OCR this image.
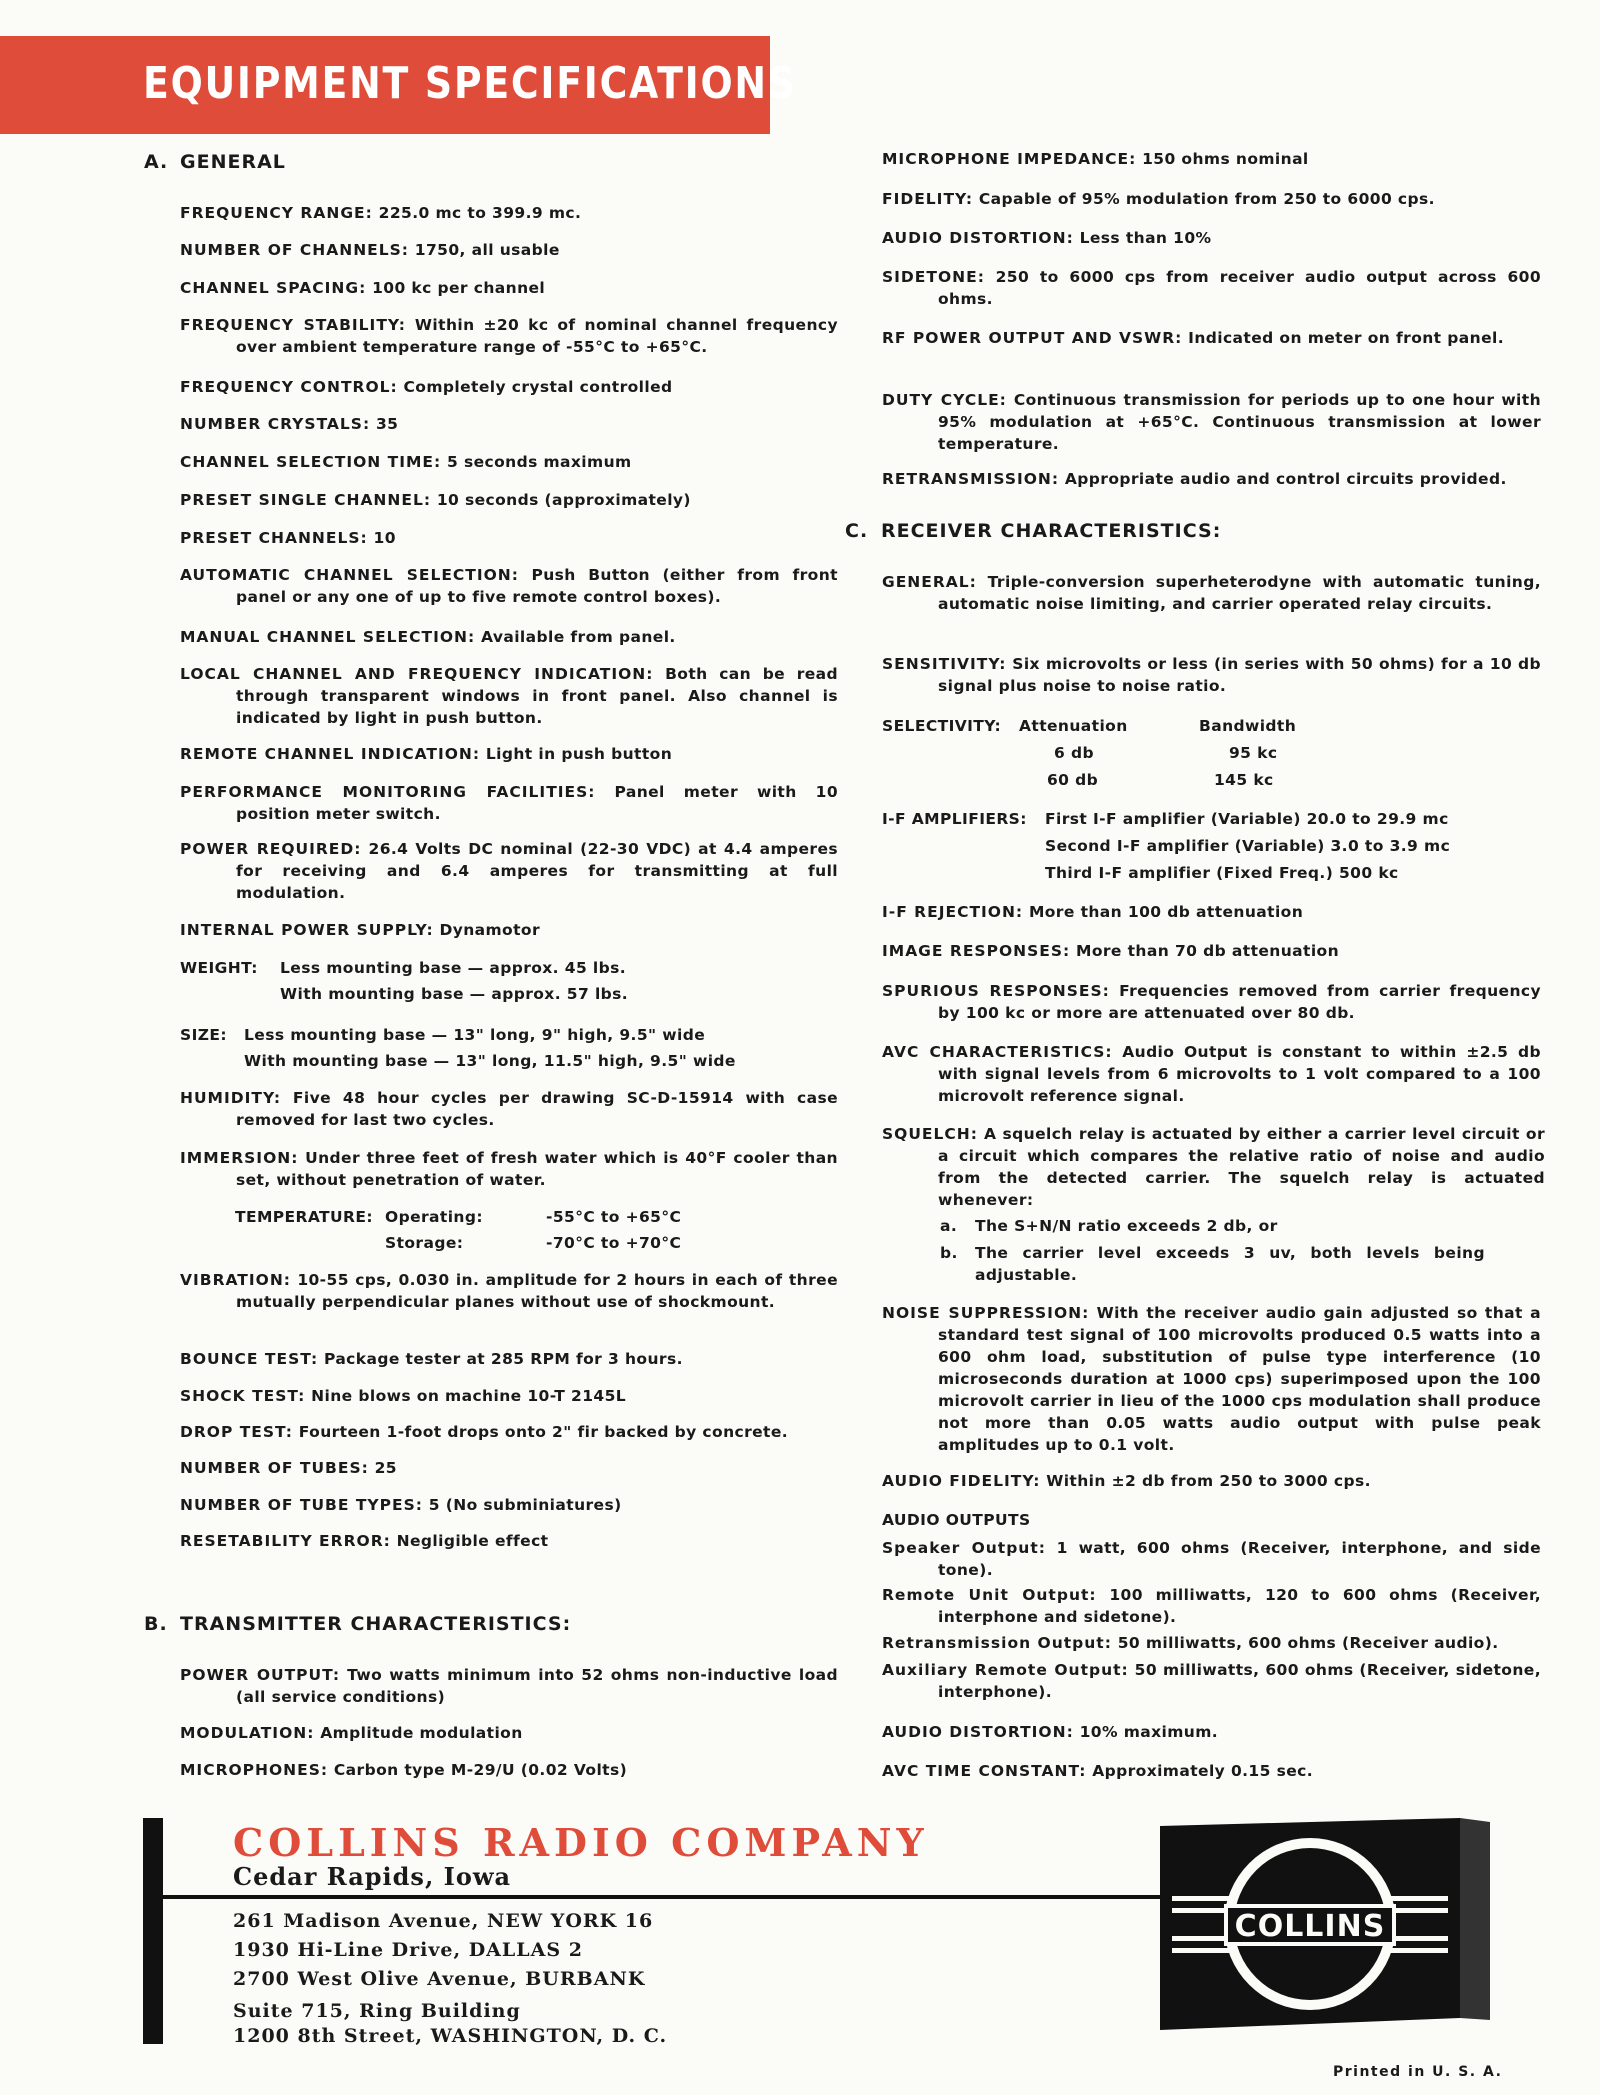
EQUIPMENT SPECIFICATIONS
A. GENERAL
FREQUENCY RANGE: 225.0 mc to 399.9 mc.
NUMBER OF CHANNELS: 1750, all usable
CHANNEL SPACING: 100 kc per channel
FREQUENCY STABILITY: Within ±20 kc of nominal channel frequency over ambient temperature range of -55°C to +65°C.
FREQUENCY CONTROL: Completely crystal controlled
NUMBER CRYSTALS: 35
CHANNEL SELECTION TIME: 5 seconds maximum
PRESET SINGLE CHANNEL: 10 seconds (approximately)
PRESET CHANNELS: 10
AUTOMATIC CHANNEL SELECTION: Push Button (either from front panel or any one of up to five remote control boxes).
MANUAL CHANNEL SELECTION: Available from panel.
LOCAL CHANNEL AND FREQUENCY INDICATION: Both can be read through transparent windows in front panel. Also channel is indicated by light in push button.
REMOTE CHANNEL INDICATION: Light in push button
PERFORMANCE MONITORING FACILITIES: Panel meter with 10 position meter switch.
POWER REQUIRED: 26.4 Volts DC nominal (22-30 VDC) at 4.4 amperes for receiving and 6.4 amperes for transmitting at full modulation.
INTERNAL POWER SUPPLY: Dynamotor
WEIGHT: Less mounting base — approx. 45 lbs.
With mounting base — approx. 57 lbs.
SIZE: Less mounting base — 13" long, 9" high, 9.5" wide
With mounting base — 13" long, 11.5" high, 9.5" wide
HUMIDITY: Five 48 hour cycles per drawing SC-D-15914 with case removed for last two cycles.
IMMERSION: Under three feet of fresh water which is 40°F cooler than set, without penetration of water.
TEMPERATURE: Operating:	-55°C to +65°C
Storage:	-70°C to +70°C
VIBRATION: 10-55 cps, 0.030 in. amplitude for 2 hours in each of three mutually perpendicular planes without use of shockmount.
BOUNCE TEST: Package tester at 285 RPM for 3 hours.
SHOCK TEST: Nine blows on machine 10-T 2145L
DROP TEST: Fourteen 1-foot drops onto 2" fir backed by concrete.
NUMBER OF TUBES: 25
NUMBER OF TUBE TYPES: 5 (No subminiatures)
RESETABILITY ERROR: Negligible effect
B. TRANSMITTER CHARACTERISTICS:
POWER OUTPUT: Two watts minimum into 52 ohms non-inductive load (all service conditions)
MODULATION: Amplitude modulation
MICROPHONES: Carbon type M-29/U (0.02 Volts)
MICROPHONE IMPEDANCE: 150 ohms nominal
FIDELITY: Capable of 95% modulation from 250 to 6000 cps.
AUDIO DISTORTION: Less than 10%
SIDETONE: 250 to 6000 cps from receiver audio output across 600 ohms.
RF POWER OUTPUT AND VSWR: Indicated on meter on front panel.
DUTY CYCLE: Continuous transmission for periods up to one hour with 95% modulation at +65°C. Continuous transmission at lower temperature.
RETRANSMISSION: Appropriate audio and control circuits provided.
C. RECEIVER CHARACTERISTICS:
GENERAL: Triple-conversion superheterodyne with automatic tuning, automatic noise limiting, and carrier operated relay circuits.
SENSITIVITY: Six microvolts or less (in series with 50 ohms) for a 10 db signal plus noise to noise ratio.
SELECTIVITY: Attenuation	Bandwidth
6 db	95 kc
60 db	145 kc
I-F AMPLIFIERS: First I-F amplifier (Variable) 20.0 to 29.9 mc
Second I-F amplifier (Variable) 3.0 to 3.9 mc
Third I-F amplifier (Fixed Freq.) 500 kc
I-F REJECTION: More than 100 db attenuation
IMAGE RESPONSES: More than 70 db attenuation
SPURIOUS RESPONSES: Frequencies removed from carrier frequency by 100 kc or more are attenuated over 80 db.
AVC CHARACTERISTICS: Audio Output is constant to within ±2.5 db with signal levels from 6 microvolts to 1 volt compared to a 100 microvolt reference signal.
SQUELCH: A squelch relay is actuated by either a carrier level circuit or a circuit which compares the relative ratio of noise and audio from the detected carrier. The squelch relay is actuated whenever:
a. The S+N/N ratio exceeds 2 db, or
b. The carrier level exceeds 3 uv, both levels being adjustable.
NOISE SUPPRESSION: With the receiver audio gain adjusted so that a standard test signal of 100 microvolts produced 0.5 watts into a 600 ohm load, substitution of pulse type interference (10 microseconds duration at 1000 cps) superimposed upon the 100 microvolt carrier in lieu of the 1000 cps modulation shall produce not more than 0.05 watts audio output with pulse peak amplitudes up to 0.1 volt.
AUDIO FIDELITY: Within ±2 db from 250 to 3000 cps.
AUDIO OUTPUTS
Speaker Output: 1 watt, 600 ohms (Receiver, interphone, and side tone).
Remote Unit Output: 100 milliwatts, 120 to 600 ohms (Receiver, interphone and sidetone).
Retransmission Output: 50 milliwatts, 600 ohms (Receiver audio).
Auxiliary Remote Output: 50 milliwatts, 600 ohms (Receiver, sidetone, interphone).
AUDIO DISTORTION: 10% maximum.
AVC TIME CONSTANT: Approximately 0.15 sec.
COLLINS RADIO COMPANY
Cedar Rapids, Iowa
261 Madison Avenue, NEW YORK 16
1930 Hi-Line Drive, DALLAS 2
2700 West Olive Avenue, BURBANK
Suite 715, Ring Building
1200 8th Street, WASHINGTON, D. C.
COLLINS
Printed in U. S. A.
